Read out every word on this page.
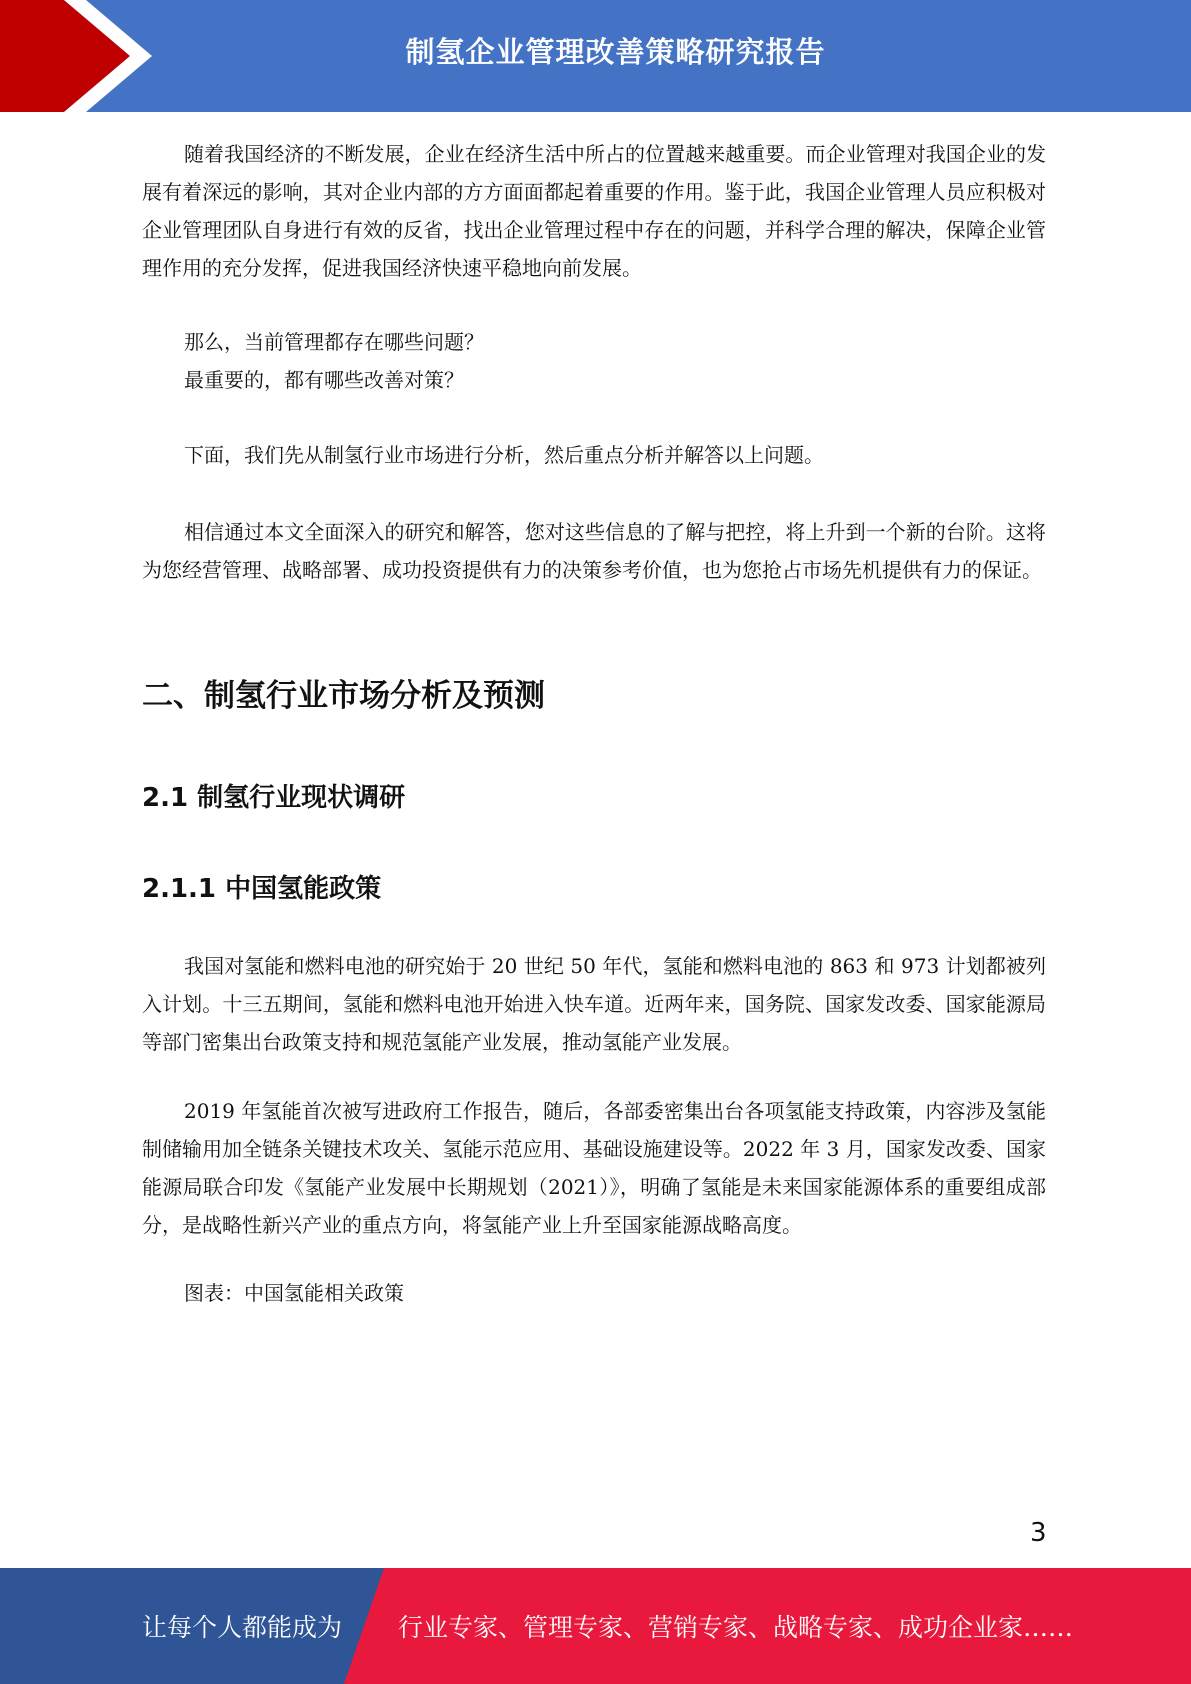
制氢企业管理改善策略研究报告

随着我国经济的不断发展，企业在经济生活中所占的位置越来越重要。而企业管理对我国企业的发展有着深远的影响，其对企业内部的方方面面都起着重要的作用。鉴于此，我国企业管理人员应积极对企业管理团队自身进行有效的反省，找出企业管理过程中存在的问题，并科学合理的解决，保障企业管理作用的充分发挥，促进我国经济快速平稳地向前发展。

那么，当前管理都存在哪些问题？
最重要的，都有哪些改善对策？
下面，我们先从制氢行业市场进行分析，然后重点分析并解答以上问题。

相信通过本文全面深入的研究和解答，您对这些信息的了解与把控，将上升到一个新的台阶。这将为您经营管理、战略部署、成功投资提供有力的决策参考价值，也为您抢占市场先机提供有力的保证。

二、制氢行业市场分析及预测
2.1 制氢行业现状调研
2.1.1 中国氢能政策

我国对氢能和燃料电池的研究始于 20 世纪 50 年代，氢能和燃料电池的 863 和 973 计划都被列入计划。十三五期间，氢能和燃料电池开始进入快车道。近两年来，国务院、国家发改委、国家能源局等部门密集出台政策支持和规范氢能产业发展，推动氢能产业发展。

2019 年氢能首次被写进政府工作报告，随后，各部委密集出台各项氢能支持政策，内容涉及氢能制储输用加全链条关键技术攻关、氢能示范应用、基础设施建设等。2022 年 3 月，国家发改委、国家能源局联合印发《氢能产业发展中长期规划（2021）》，明确了氢能是未来国家能源体系的重要组成部分，是战略性新兴产业的重点方向，将氢能产业上升至国家能源战略高度。

图表：中国氢能相关政策
3
让每个人都能成为 行业专家、管理专家、营销专家、战略专家、成功企业家……
